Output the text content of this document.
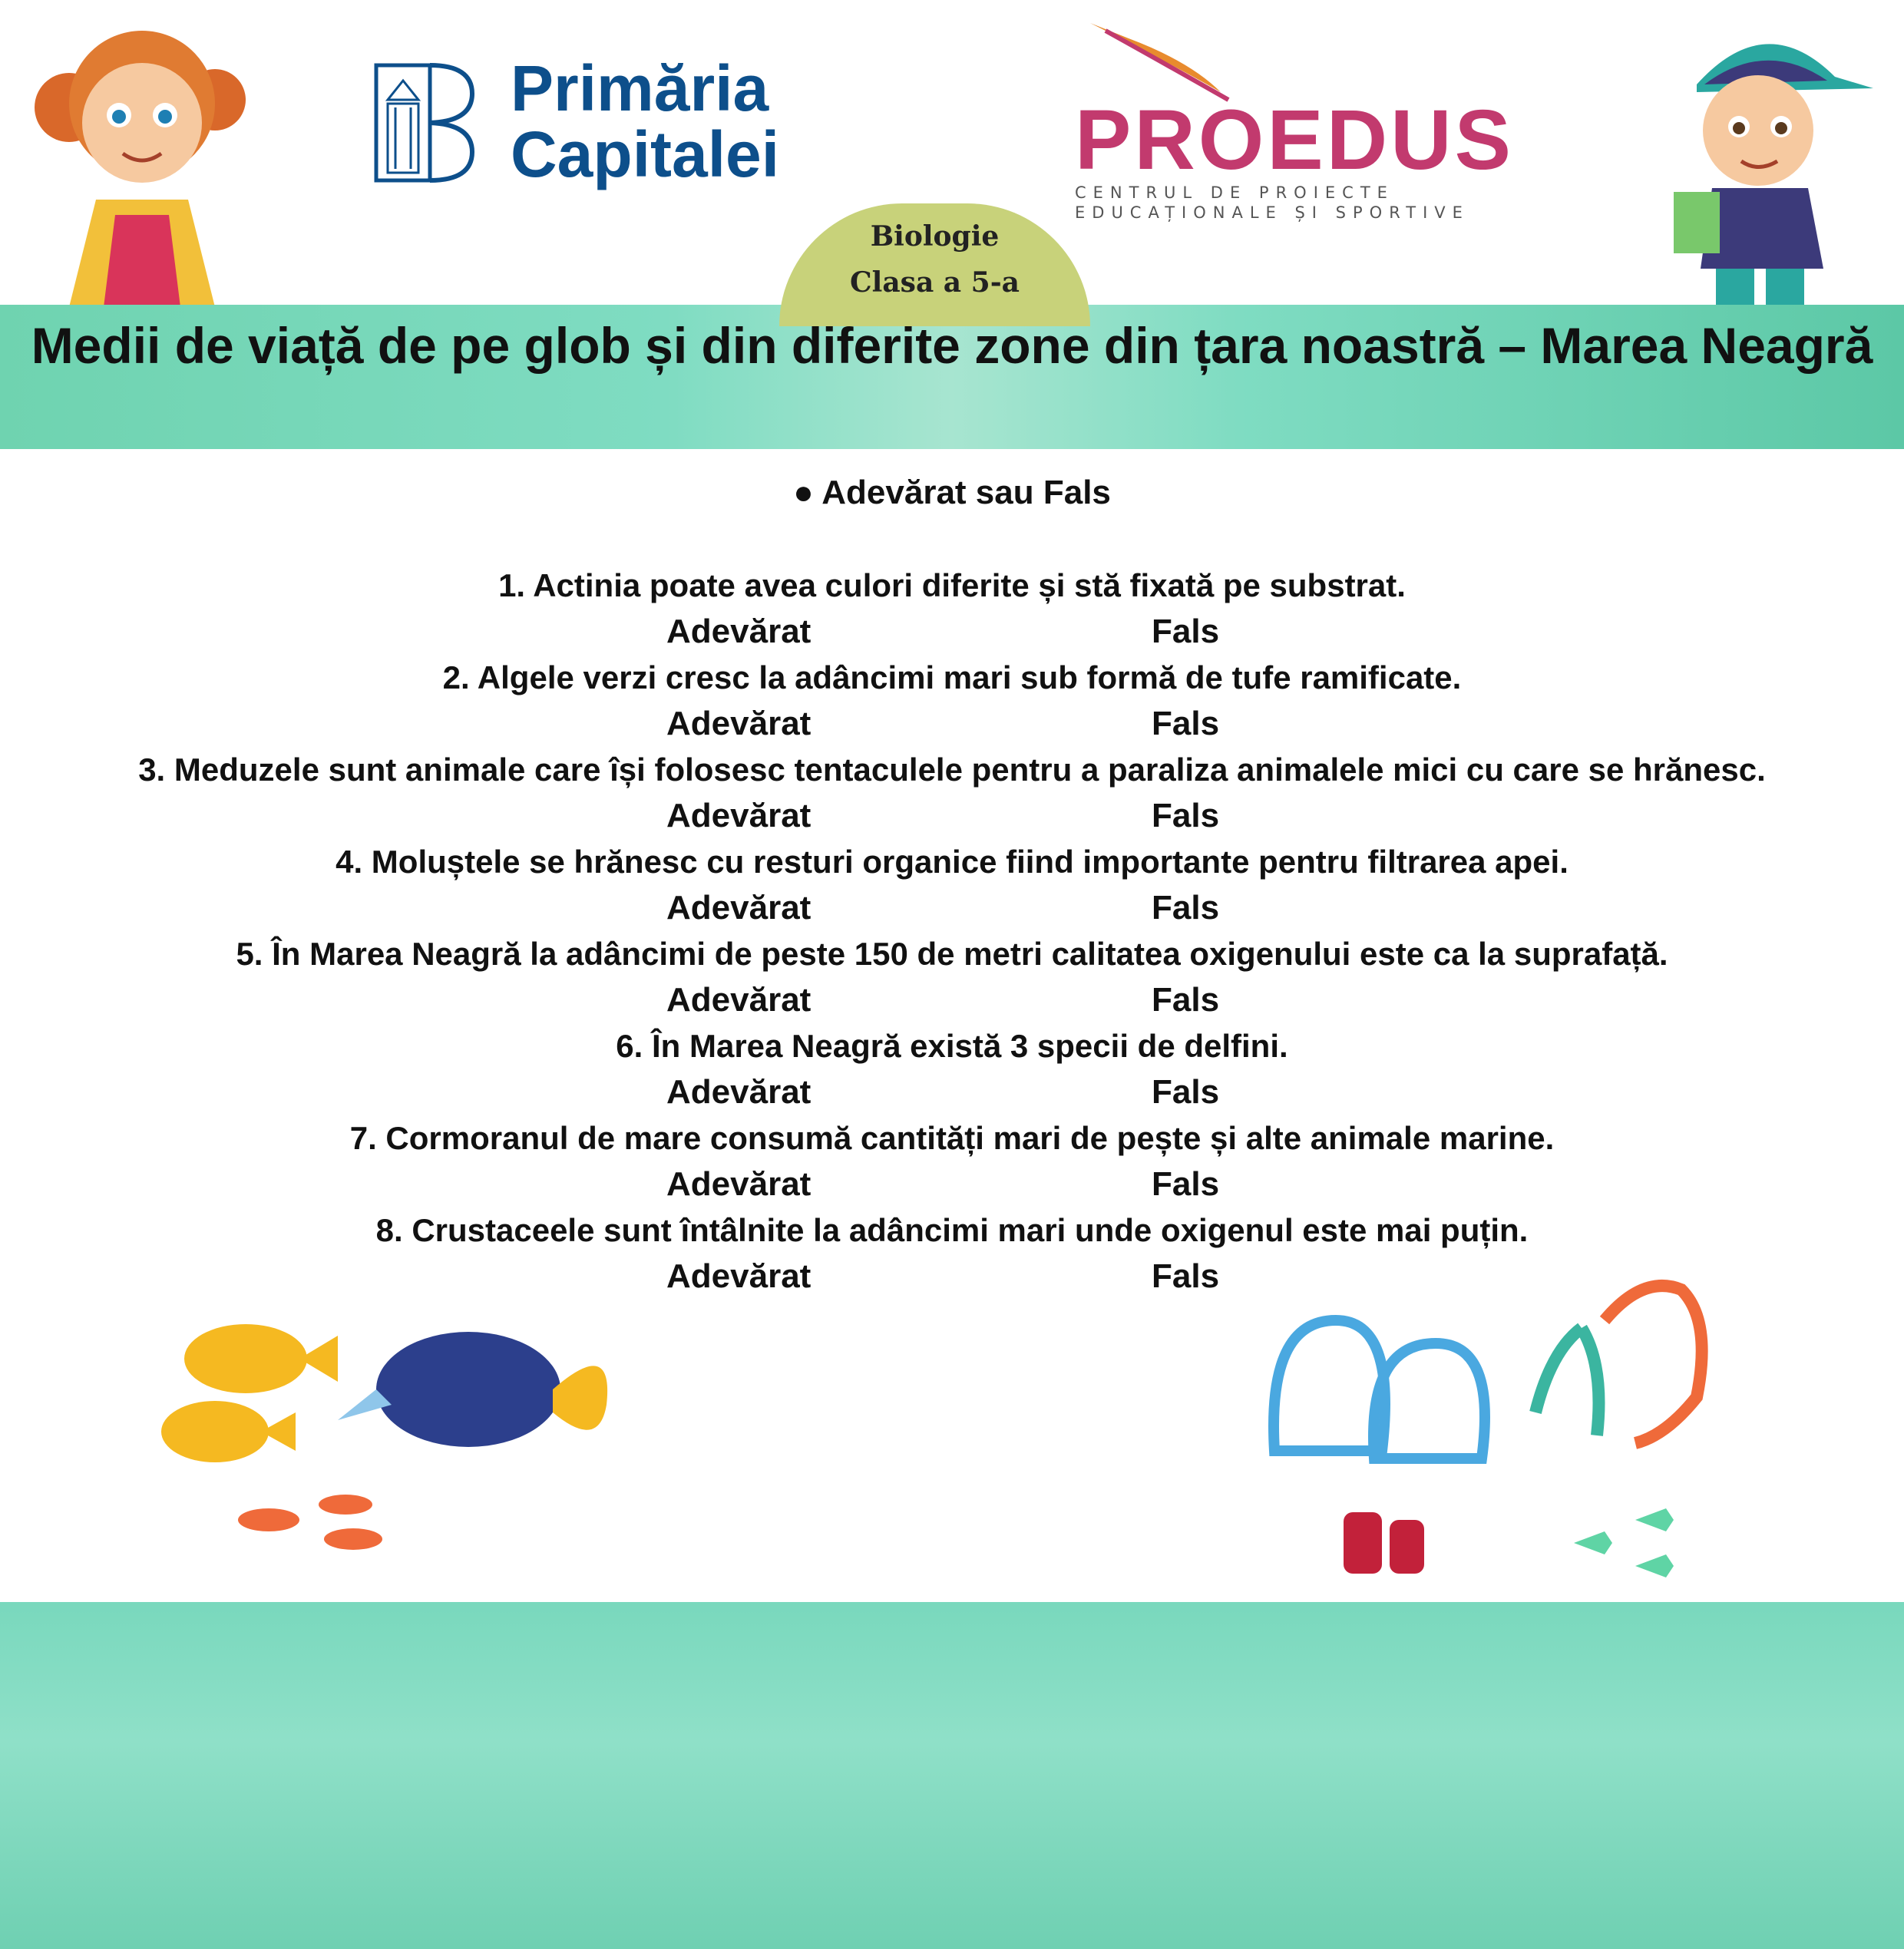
Primăria
Capitalei	PROEDUS
CENTRUL DE PROIECTE EDUCAȚIONALE ȘI SPORTIVE
Biologie
Clasa a 5-a
Medii de viață de pe glob și din diferite zone din țara noastră – Marea Neagră
● Adevărat sau Fals
1. Actinia poate avea culori diferite și stă fixată pe substrat.
Adevărat	Fals
2. Algele verzi cresc la adâncimi mari sub formă de tufe ramificate.
Adevărat	Fals
3. Meduzele sunt animale care își folosesc tentaculele pentru a paraliza animalele mici cu care se hrănesc.
Adevărat	Fals
4. Moluștele se hrănesc cu resturi organice fiind importante pentru filtrarea apei.
Adevărat	Fals
5. În Marea Neagră la adâncimi de peste 150 de metri calitatea oxigenului este ca la suprafață.
Adevărat	Fals
6. În Marea Neagră există 3 specii de delfini.
Adevărat	Fals
7. Cormoranul de mare consumă cantități mari de pește și alte animale marine.
Adevărat	Fals
8. Crustaceele sunt întâlnite la adâncimi mari unde oxigenul este mai puțin.
Adevărat	Fals
